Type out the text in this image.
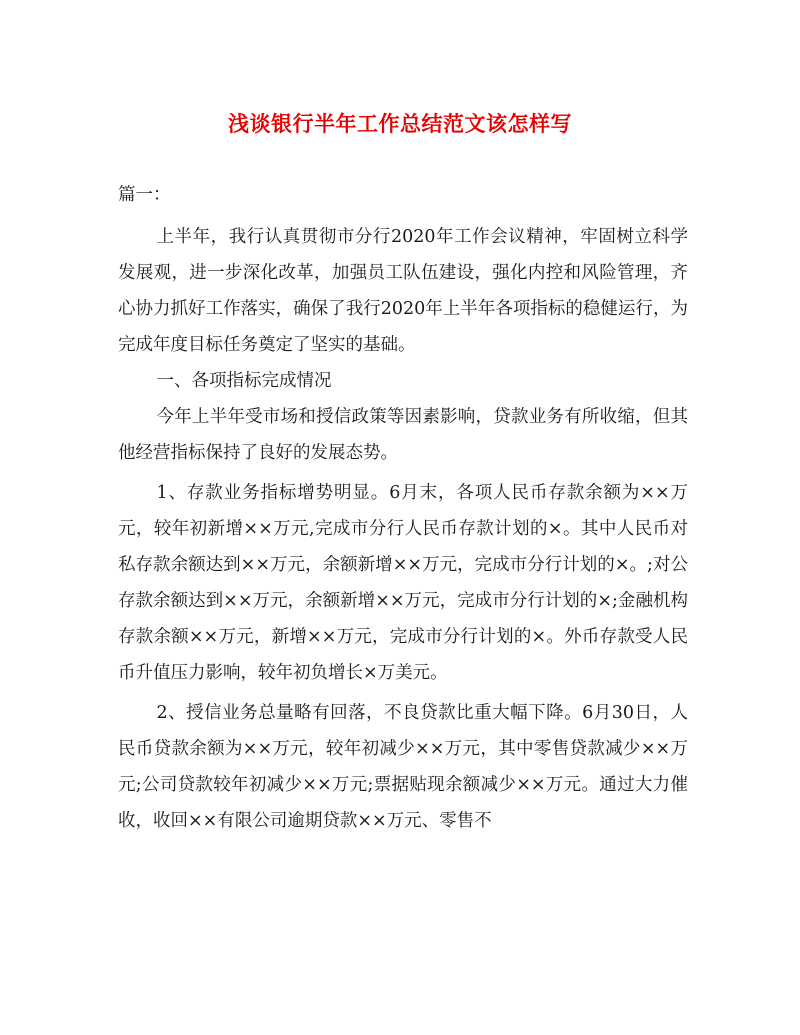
浅谈银行半年工作总结范文该怎样写

篇一：

上半年，我行认真贯彻市分行2020年工作会议精神，牢固树立科学发展观，进一步深化改革，加强员工队伍建设，强化内控和风险管理，齐心协力抓好工作落实，确保了我行2020年上半年各项指标的稳健运行，为完成年度目标任务奠定了坚实的基础。

一、各项指标完成情况

今年上半年受市场和授信政策等因素影响，贷款业务有所收缩，但其他经营指标保持了良好的发展态势。

1、存款业务指标增势明显。6月末，各项人民币存款余额为××万元，较年初新增××万元,完成市分行人民币存款计划的×。其中人民币对私存款余额达到××万元，余额新增××万元，完成市分行计划的×。;对公存款余额达到××万元，余额新增××万元，完成市分行计划的×;金融机构存款余额××万元，新增××万元，完成市分行计划的×。外币存款受人民币升值压力影响，较年初负增长×万美元。

2、授信业务总量略有回落，不良贷款比重大幅下降。6月30日，人民币贷款余额为××万元，较年初减少××万元，其中零售贷款减少××万元;公司贷款较年初减少××万元;票据贴现余额减少××万元。通过大力催收，收回××有限公司逾期贷款××万元、零售不
